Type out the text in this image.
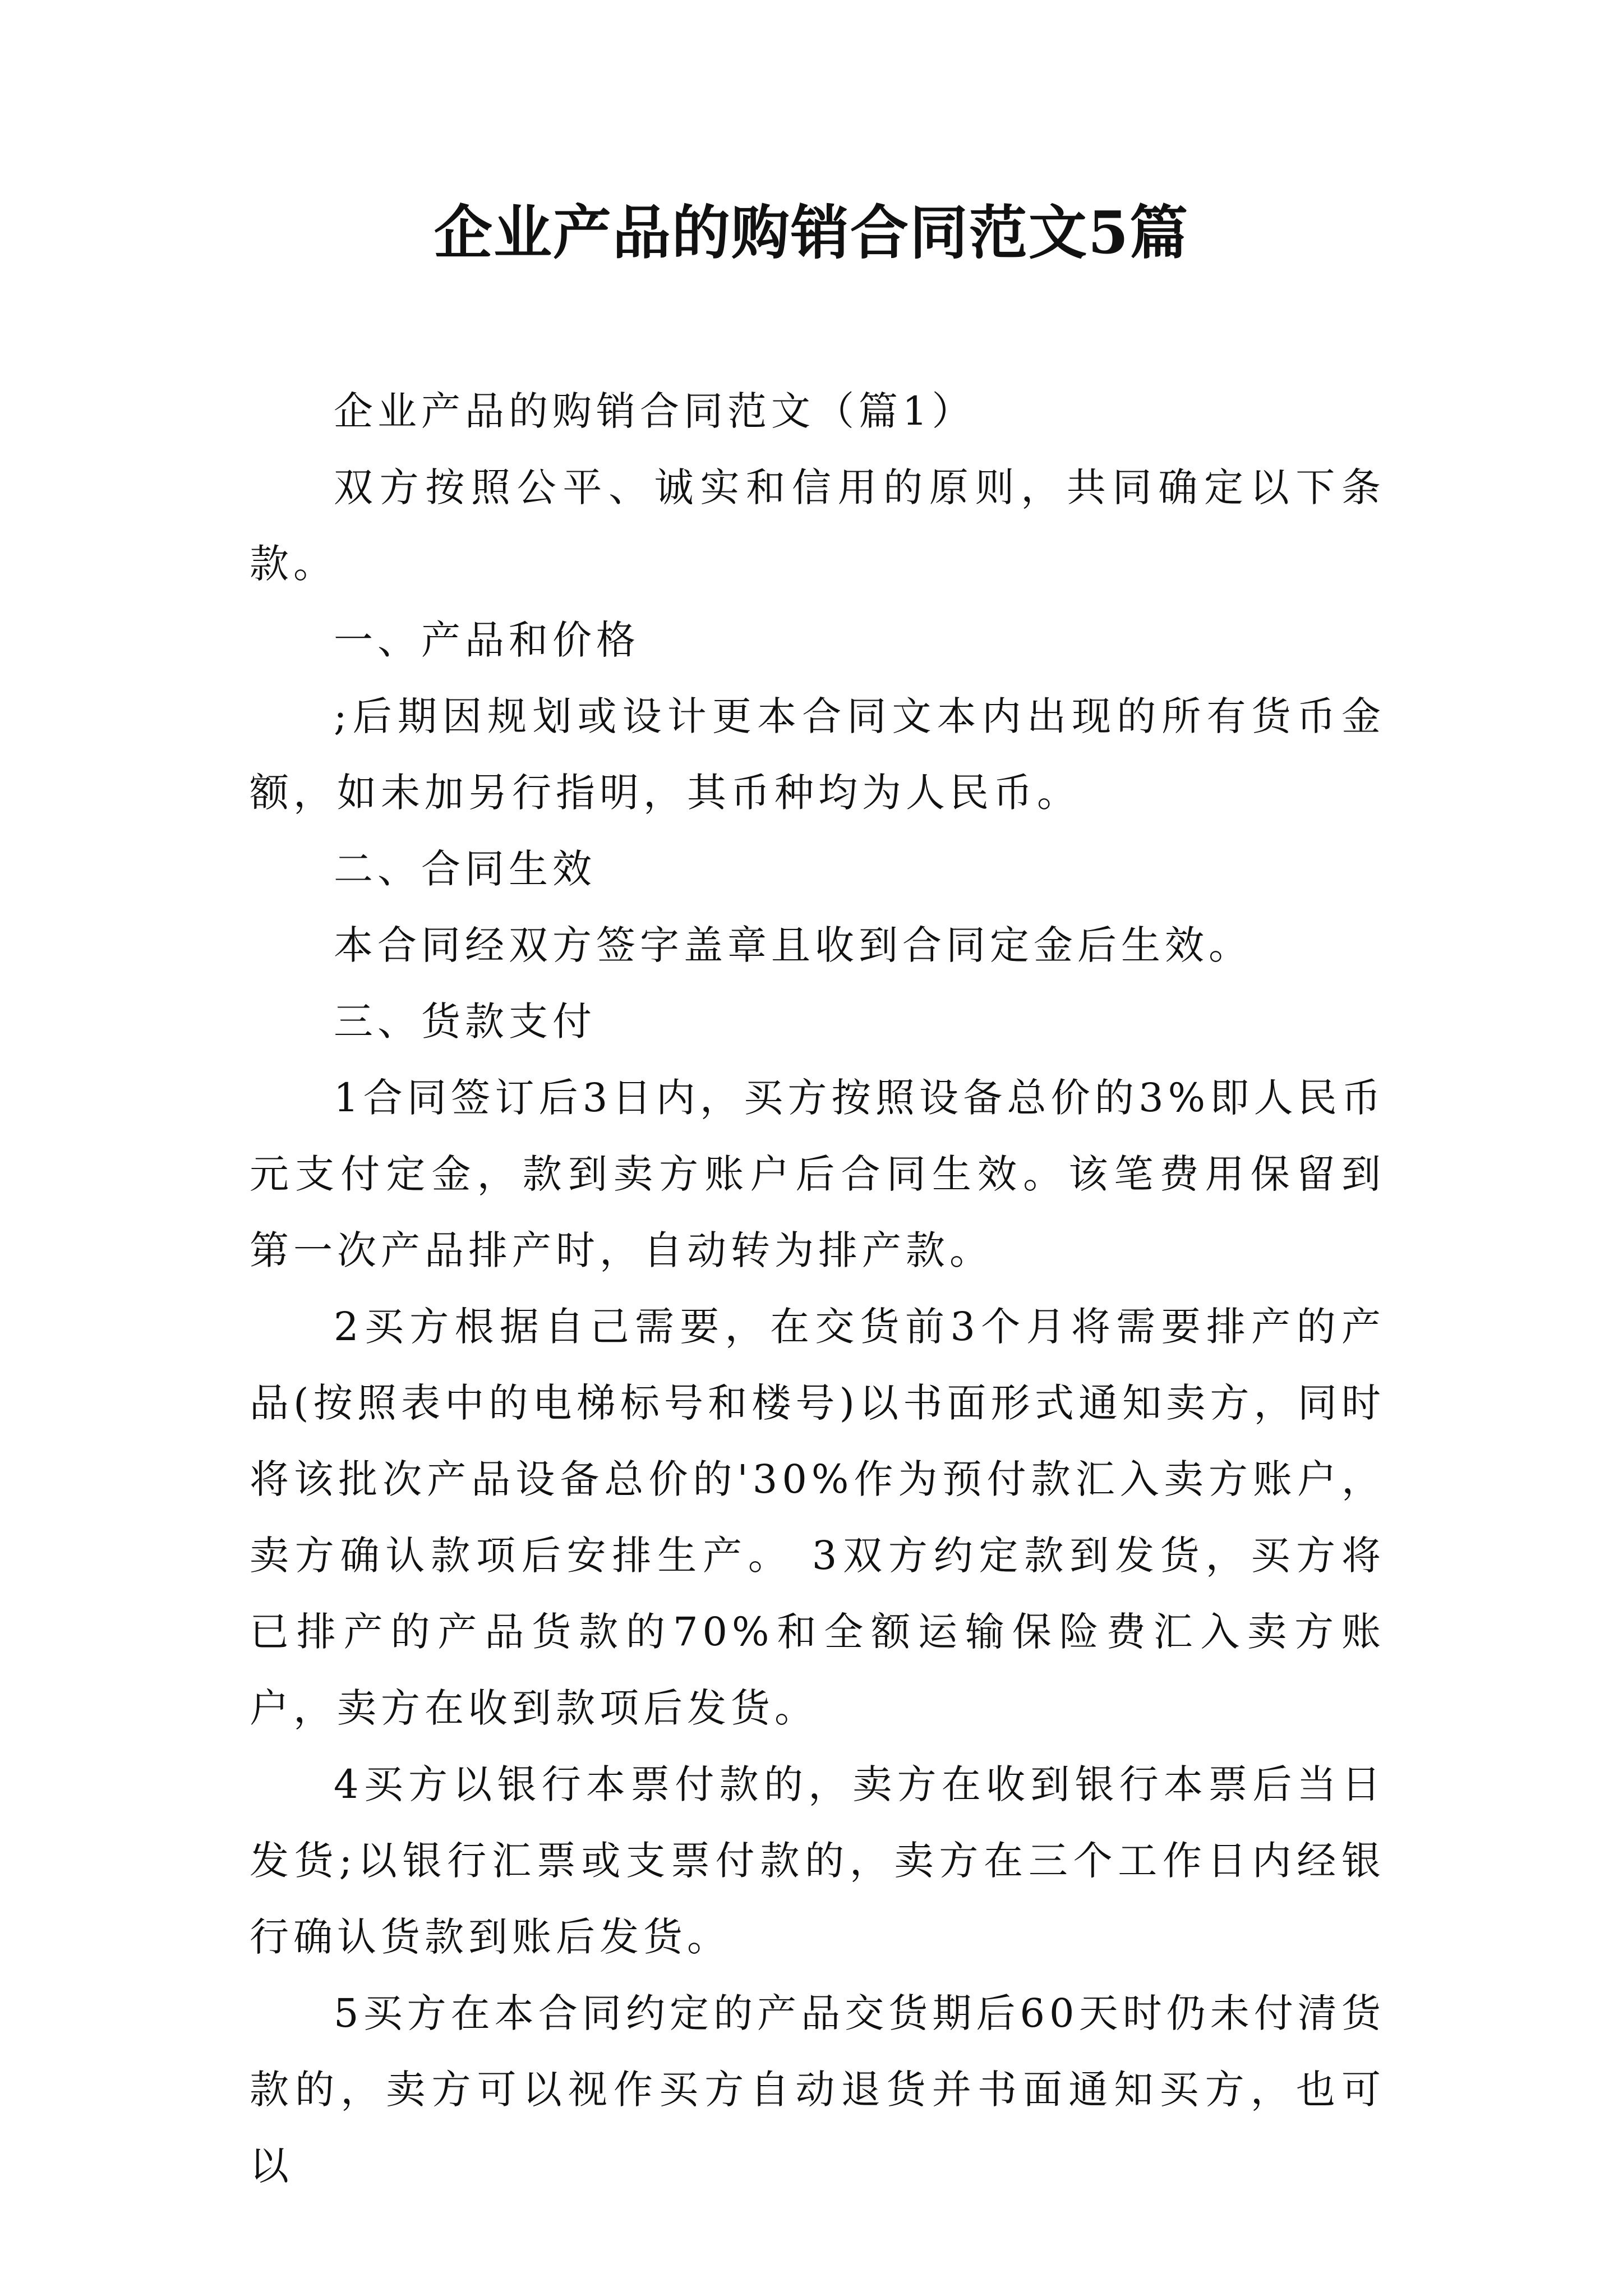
企业产品的购销合同范文5篇

企业产品的购销合同范文（篇1）

双方按照公平、诚实和信用的原则，共同确定以下条款。

一、产品和价格

;后期因规划或设计更本合同文本内出现的所有货币金额，如未加另行指明，其币种均为人民币。

二、合同生效

本合同经双方签字盖章且收到合同定金后生效。

三、货款支付

1合同签订后3日内，买方按照设备总价的3%即人民币元支付定金，款到卖方账户后合同生效。该笔费用保留到第一次产品排产时，自动转为排产款。

2买方根据自己需要，在交货前3个月将需要排产的产品(按照表中的电梯标号和楼号)以书面形式通知卖方，同时将该批次产品设备总价的'30%作为预付款汇入卖方账户，卖方确认款项后安排生产。 3双方约定款到发货，买方将已排产的产品货款的70%和全额运输保险费汇入卖方账户，卖方在收到款项后发货。

4买方以银行本票付款的，卖方在收到银行本票后当日发货;以银行汇票或支票付款的，卖方在三个工作日内经银行确认货款到账后发货。

5买方在本合同约定的产品交货期后60天时仍未付清货款的，卖方可以视作买方自动退货并书面通知买方，也可以
